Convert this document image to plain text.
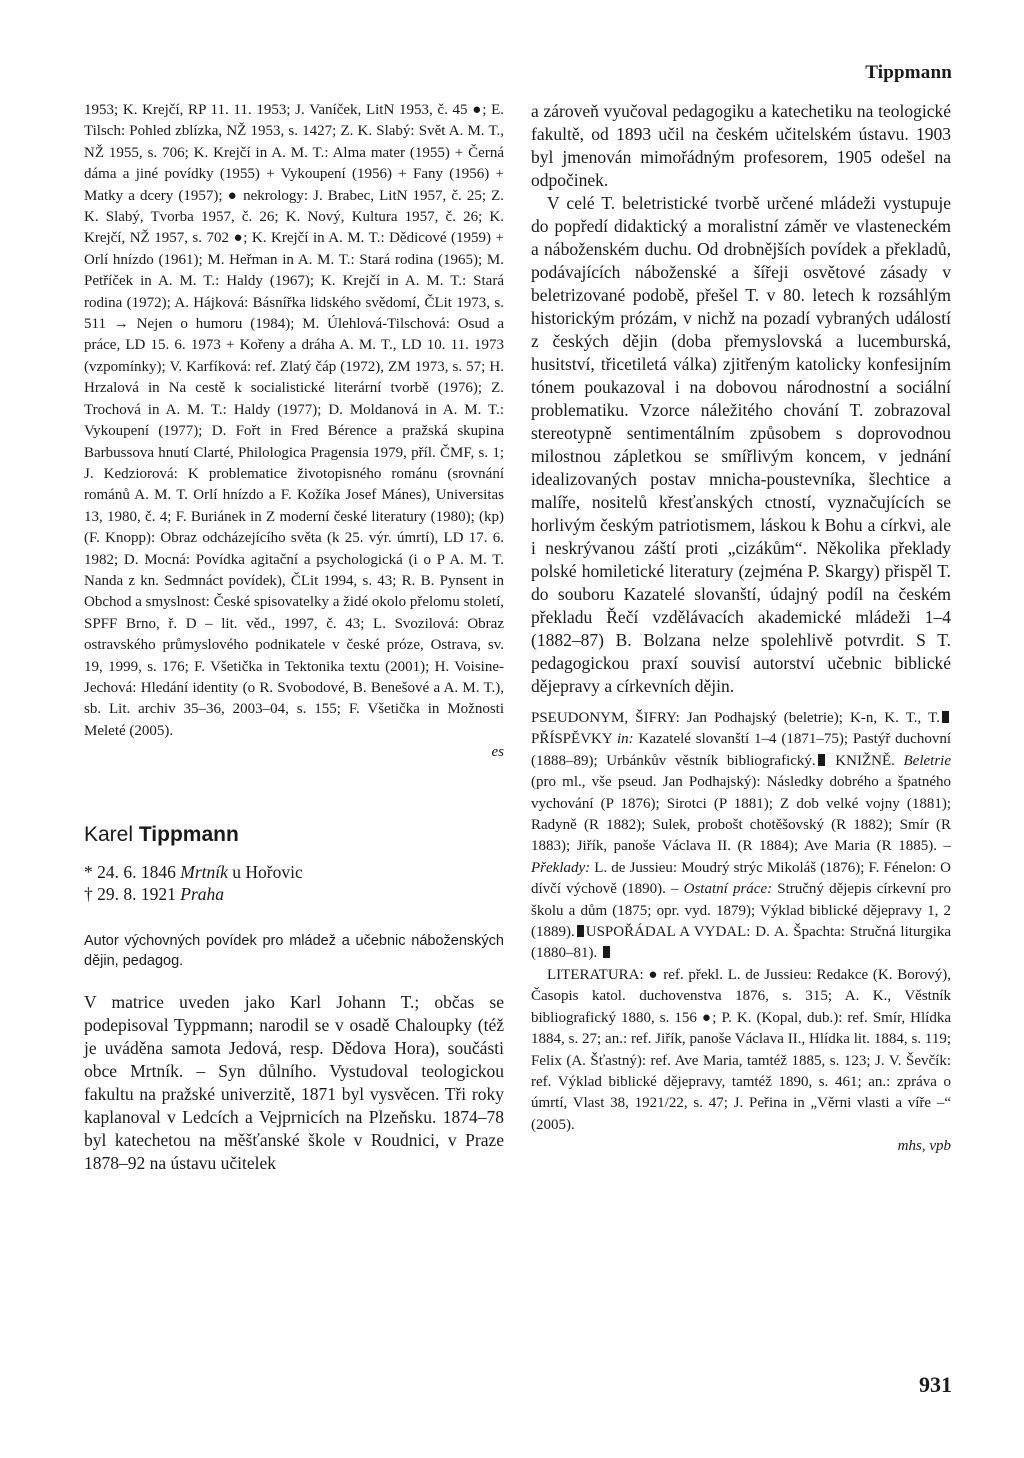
Tippmann

1953; K. Krejčí, RP 11. 11. 1953; J. Vaníček, LitN 1953, č. 45 ●; E. Tilsch: Pohled zblízka, NŽ 1953, s. 1427; Z. K. Slabý: Svět A. M. T., NŽ 1955, s. 706; K. Krejčí in A. M. T.: Alma mater (1955) + Černá dáma a jiné povídky (1955) + Vykoupení (1956) + Fany (1956) + Matky a dcery (1957); ● nekrology: J. Brabec, LitN 1957, č. 25; Z. K. Slabý, Tvorba 1957, č. 26; K. Nový, Kultura 1957, č. 26; K. Krejčí, NŽ 1957, s. 702 ●; K. Krejčí in A. M. T.: Dědicové (1959) + Orlí hnízdo (1961); M. Heřman in A. M. T.: Stará rodina (1965); M. Petříček in A. M. T.: Haldy (1967); K. Krejčí in A. M. T.: Stará rodina (1972); A. Hájková: Básnířka lidského svědomí, ČLit 1973, s. 511 → Nejen o humoru (1984); M. Úlehlová-Tilschová: Osud a práce, LD 15. 6. 1973 + Kořeny a dráha A. M. T., LD 10. 11. 1973 (vzpomínky); V. Karfíková: ref. Zlatý čáp (1972), ZM 1973, s. 57; H. Hrzalová in Na cestě k socialistické literární tvorbě (1976); Z. Trochová in A. M. T.: Haldy (1977); D. Moldanová in A. M. T.: Vykoupení (1977); D. Fořt in Fred Bérence a pražská skupina Barbussova hnutí Clarté, Philologica Pragensia 1979, příl. ČMF, s. 1; J. Kedziorová: K problematice životopisného románu (srovnání románů A. M. T. Orlí hnízdo a F. Kožíka Josef Mánes), Universitas 13, 1980, č. 4; F. Buriánek in Z moderní české literatury (1980); (kp) (F. Knopp): Obraz odcházejícího světa (k 25. výr. úmrtí), LD 17. 6. 1982; D. Mocná: Povídka agitační a psychologická (i o P A. M. T. Nanda z kn. Sedmnáct povídek), ČLit 1994, s. 43; R. B. Pynsent in Obchod a smyslnost: České spisovatelky a židé okolo přelomu století, SPFF Brno, ř. D – lit. věd., 1997, č. 43; L. Svozilová: Obraz ostravského průmyslového podnikatele v české próze, Ostrava, sv. 19, 1999, s. 176; F. Všetička in Tektonika textu (2001); H. Voisine-Jechová: Hledání identity (o R. Svobodové, B. Benešové a A. M. T.), sb. Lit. archiv 35–36, 2003–04, s. 155; F. Všetička in Možnosti Meleté (2005).

es

Karel Tippmann

* 24. 6. 1846 Mrtník u Hořovic

† 29. 8. 1921 Praha

Autor výchovných povídek pro mládež a učebnic náboženských dějin, pedagog.

V matrice uveden jako Karl Johann T.; občas se podepisoval Typpmann; narodil se v osadě Chaloupky (též je uváděna samota Jedová, resp. Dědova Hora), součásti obce Mrtník. – Syn důlního. Vystudoval teologickou fakultu na pražské univerzitě, 1871 byl vysvěcen. Tři roky kaplanoval v Ledcích a Vejprnicích na Plzeňsku. 1874–78 byl katechetou na měšťanské škole v Roudnici, v Praze 1878–92 na ústavu učitelek

a zároveň vyučoval pedagogiku a katechetiku na teologické fakultě, od 1893 učil na českém učitelském ústavu. 1903 byl jmenován mimořádným profesorem, 1905 odešel na odpočinek.

V celé T. beletristické tvorbě určené mládeži vystupuje do popředí didaktický a moralistní záměr ve vlasteneckém a náboženském duchu. Od drobnějších povídek a překladů, podávajících náboženské a šířeji osvětové zásady v beletrizované podobě, přešel T. v 80. letech k rozsáhlým historickým prózám, v nichž na pozadí vybraných událostí z českých dějin (doba přemyslovská a lucemburská, husitství, třicetiletá válka) zjitřeným katolicky konfesijním tónem poukazoval i na dobovou národnostní a sociální problematiku. Vzorce náležitého chování T. zobrazoval stereotypně sentimentálním způsobem s doprovodnou milostnou zápletkou se smířlivým koncem, v jednání idealizovaných postav mnicha-poustevníka, šlechtice a malíře, nositelů křesťanských ctností, vyznačujících se horlivým českým patriotismem, láskou k Bohu a církvi, ale i neskrývanou záští proti „cizákům“. Několika překlady polské homiletické literatury (zejména P. Skargy) přispěl T. do souboru Kazatelé slovanští, údajný podíl na českém překladu Řečí vzdělávacích akademické mládeži 1–4 (1882–87) B. Bolzana nelze spolehlivě potvrdit. S T. pedagogickou praxí souvisí autorství učebnic biblické dějepravy a církevních dějin.

PSEUDONYM, ŠIFRY: Jan Podhajský (beletrie); K-n, K. T., T. PŘÍSPĚVKY in: Kazatelé slovanští 1–4 (1871–75); Pastýř duchovní (1888–89); Urbánkův věstník bibliografický. KNIŽNĚ. Beletrie (pro ml., vše pseud. Jan Podhajský): Následky dobrého a špatného vychování (P 1876); Sirotci (P 1881); Z dob velké vojny (1881); Radyně (R 1882); Sulek, probošt chotěšovský (R 1882); Smír (R 1883); Jiřík, panoše Václava II. (R 1884); Ave Maria (R 1885). – Překlady: L. de Jussieu: Moudrý strýc Mikoláš (1876); F. Fénelon: O dívčí výchově (1890). – Ostatní práce: Stručný dějepis církevní pro školu a dům (1875; opr. vyd. 1879); Výklad biblické dějepravy 1, 2 (1889). USPOŘÁDAL A VYDAL: D. A. Špachta: Stručná liturgika (1880–81).

LITERATURA: ● ref. překl. L. de Jussieu: Redakce (K. Borový), Časopis katol. duchovenstva 1876, s. 315; A. K., Věstník bibliografický 1880, s. 156 ●; P. K. (Kopal, dub.): ref. Smír, Hlídka 1884, s. 27; an.: ref. Jiřík, panoše Václava II., Hlídka lit. 1884, s. 119; Felix (A. Šťastný): ref. Ave Maria, tamtéž 1885, s. 123; J. V. Ševčík: ref. Výklad biblické dějepravy, tamtéž 1890, s. 461; an.: zpráva o úmrtí, Vlast 38, 1921/22, s. 47; J. Peřina in „Věrni vlasti a víře –“ (2005).

mhs, vpb

931
